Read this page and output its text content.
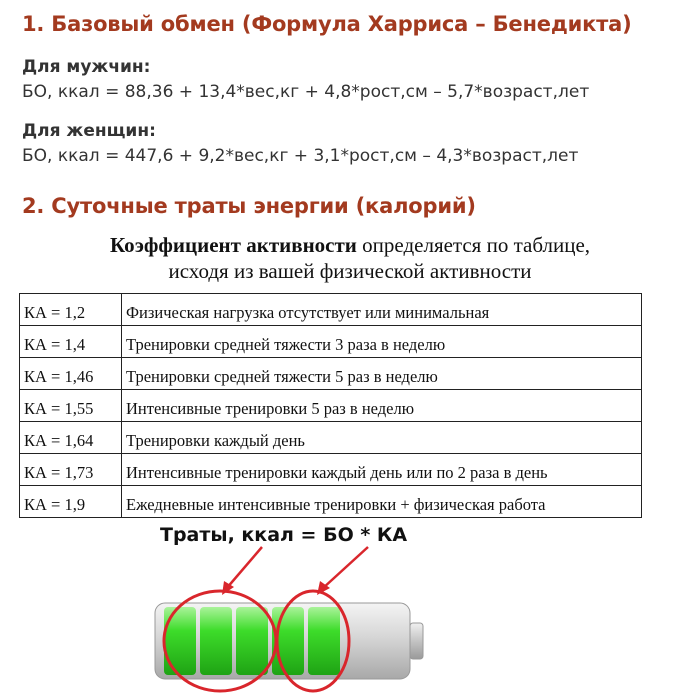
1. Базовый обмен (Формула Харриса – Бенедикта)
Для мужчин:
БО, ккал = 88,36 + 13,4*вес,кг + 4,8*рост,см – 5,7*возраст,лет
Для женщин:
БО, ккал = 447,6 + 9,2*вес,кг + 3,1*рост,см – 4,3*возраст,лет
2. Суточные траты энергии (калорий)
Коэффициент активности определяется по таблице,
исходя из вашей физической активности
КА = 1,2	Физическая нагрузка отсутствует или минимальная
КА = 1,4	Тренировки средней тяжести 3 раза в неделю
КА = 1,46	Тренировки средней тяжести 5 раз в неделю
КА = 1,55	Интенсивные тренировки 5 раз в неделю
КА = 1,64	Тренировки каждый день
КА = 1,73	Интенсивные тренировки каждый день или по 2 раза в день
КА = 1,9	Ежедневные интенсивные тренировки + физическая работа
Траты, ккал = БО * КА
